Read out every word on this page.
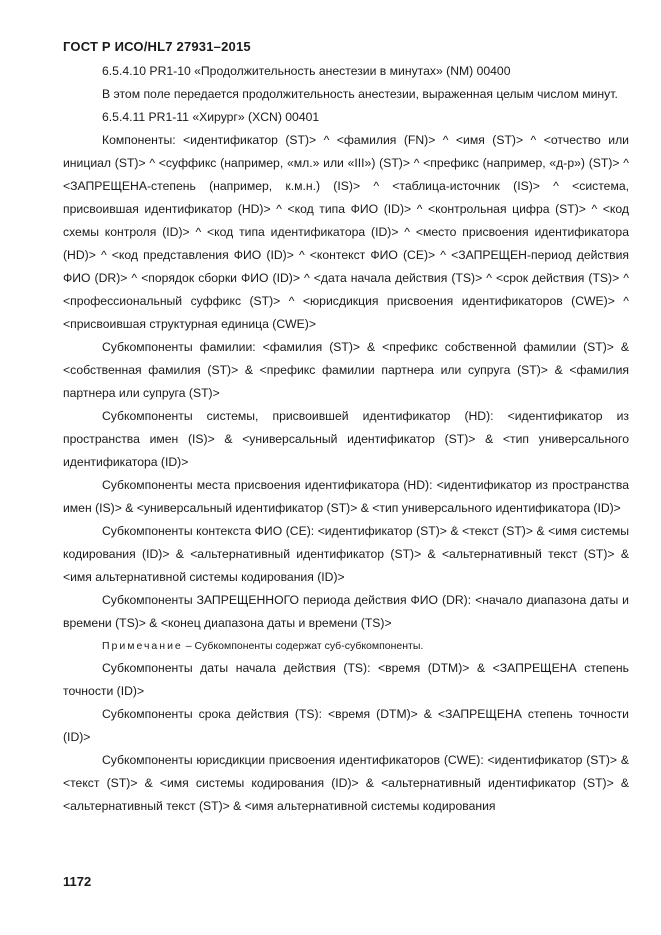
ГОСТ Р ИСО/HL7 27931–2015

6.5.4.10 PR1-10 «Продолжительность анестезии в минутах» (NM) 00400

В этом поле передается продолжительность анестезии, выраженная целым числом минут.

6.5.4.11 PR1-11 «Хирург» (XCN) 00401

Компоненты: <идентификатор (ST)> ^ <фамилия (FN)> ^ <имя (ST)> ^ <отчество или инициал (ST)> ^ <суффикс (например, «мл.» или «III») (ST)> ^ <префикс (например, «д-р») (ST)> ^ <ЗАПРЕЩЕНА-степень (например, к.м.н.) (IS)> ^ <таблица-источник (IS)> ^ <система, присвоившая идентификатор (HD)> ^ <код типа ФИО (ID)> ^ <контрольная цифра (ST)> ^ <код схемы контроля (ID)> ^ <код типа идентификатора (ID)> ^ <место присвоения идентификатора (HD)> ^ <код представления ФИО (ID)> ^ <контекст ФИО (CE)> ^ <ЗАПРЕЩЕН-период действия ФИО (DR)> ^ <порядок сборки ФИО (ID)> ^ <дата начала действия (TS)> ^ <срок действия (TS)> ^ <профессиональный суффикс (ST)> ^ <юрисдикция присвоения идентификаторов (CWE)> ^ <присвоившая структурная единица (CWE)>

Субкомпоненты фамилии: <фамилия (ST)> & <префикс собственной фамилии (ST)> & <собственная фамилия (ST)> & <префикс фамилии партнера или супруга (ST)> & <фамилия партнера или супруга (ST)>

Субкомпоненты системы, присвоившей идентификатор (HD): <идентификатор из пространства имен (IS)> & <универсальный идентификатор (ST)> & <тип универсального идентификатора (ID)>

Субкомпоненты места присвоения идентификатора (HD): <идентификатор из пространства имен (IS)> & <универсальный идентификатор (ST)> & <тип универсального идентификатора (ID)>

Субкомпоненты контекста ФИО (CE): <идентификатор (ST)> & <текст (ST)> & <имя системы кодирования (ID)> & <альтернативный идентификатор (ST)> & <альтернативный текст (ST)> & <имя альтернативной системы кодирования (ID)>

Субкомпоненты ЗАПРЕЩЕННОГО периода действия ФИО (DR): <начало диапазона даты и времени (TS)> & <конец диапазона даты и времени (TS)>

Примечание – Субкомпоненты содержат суб-субкомпоненты.

Субкомпоненты даты начала действия (TS): <время (DTM)> & <ЗАПРЕЩЕНА степень точности (ID)>

Субкомпоненты срока действия (TS): <время (DTM)> & <ЗАПРЕЩЕНА степень точности (ID)>

Субкомпоненты юрисдикции присвоения идентификаторов (CWE): <идентификатор (ST)> & <текст (ST)> & <имя системы кодирования (ID)> & <альтернативный идентификатор (ST)> & <альтернативный текст (ST)> & <имя альтернативной системы кодирования

1172
